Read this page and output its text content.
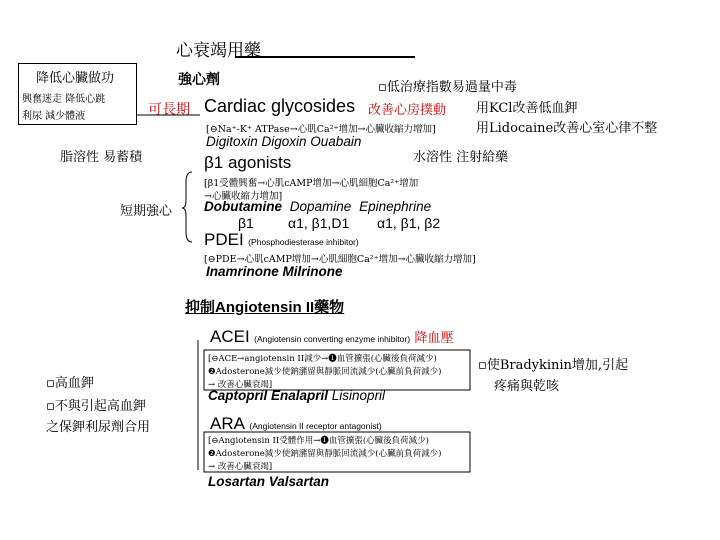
心衰竭用藥
降低心臟做功
興奮迷走 降低心跳
利尿 減少體液
強心劑	▫低治療指數易過量中毒
可長期 Cardiac glycosides 改善心房撲動 用KCl改善低血鉀
[⊖Na⁺-K⁺ ATPase→心肌Ca²⁺增加→心臟收縮力增加]	用Lidocaine改善心室心律不整
Digitoxin Digoxin Ouabain
脂溶性 易蓄積	水溶性 注射給藥
β1 agonists
[β1受體興奮→心肌cAMP增加→心肌細胞Ca²⁺增加
→心臟收縮力增加]
短期強心 Dobutamine Dopamine Epinephrine
β1 α1, β1,D1 α1, β1, β2
PDEI (Phosphodiesterase inhibitor)
[⊖PDE→心肌cAMP增加→心肌細胞Ca²⁺增加→心臟收縮力增加]
Inamrinone Milrinone
抑制Angiotensin II藥物
ACEI (Angiotensin converting enzyme inhibitor) 降血壓
[⊖ACE→angiotensin II減少→❶血管擴張(心臟後負荷減少)
❷Adosterone減少使鈉瀦留與靜脈回流減少(心臟前負荷減少)
→ 改善心臟衰竭]
▫使Bradykinin增加,引起
疼痛與乾咳
Captopril Enalapril Lisinopril
▫高血鉀
▫不與引起高血鉀
之保鉀利尿劑合用	ARA (Angiotensin II receptor antagonist)
[⊖Angiotensin II受體作用→❶血管擴張(心臟後負荷減少)
❷Adosterone減少使鈉瀦留與靜脈回流減少(心臟前負荷減少)
→ 改善心臟衰竭]
Losartan Valsartan
